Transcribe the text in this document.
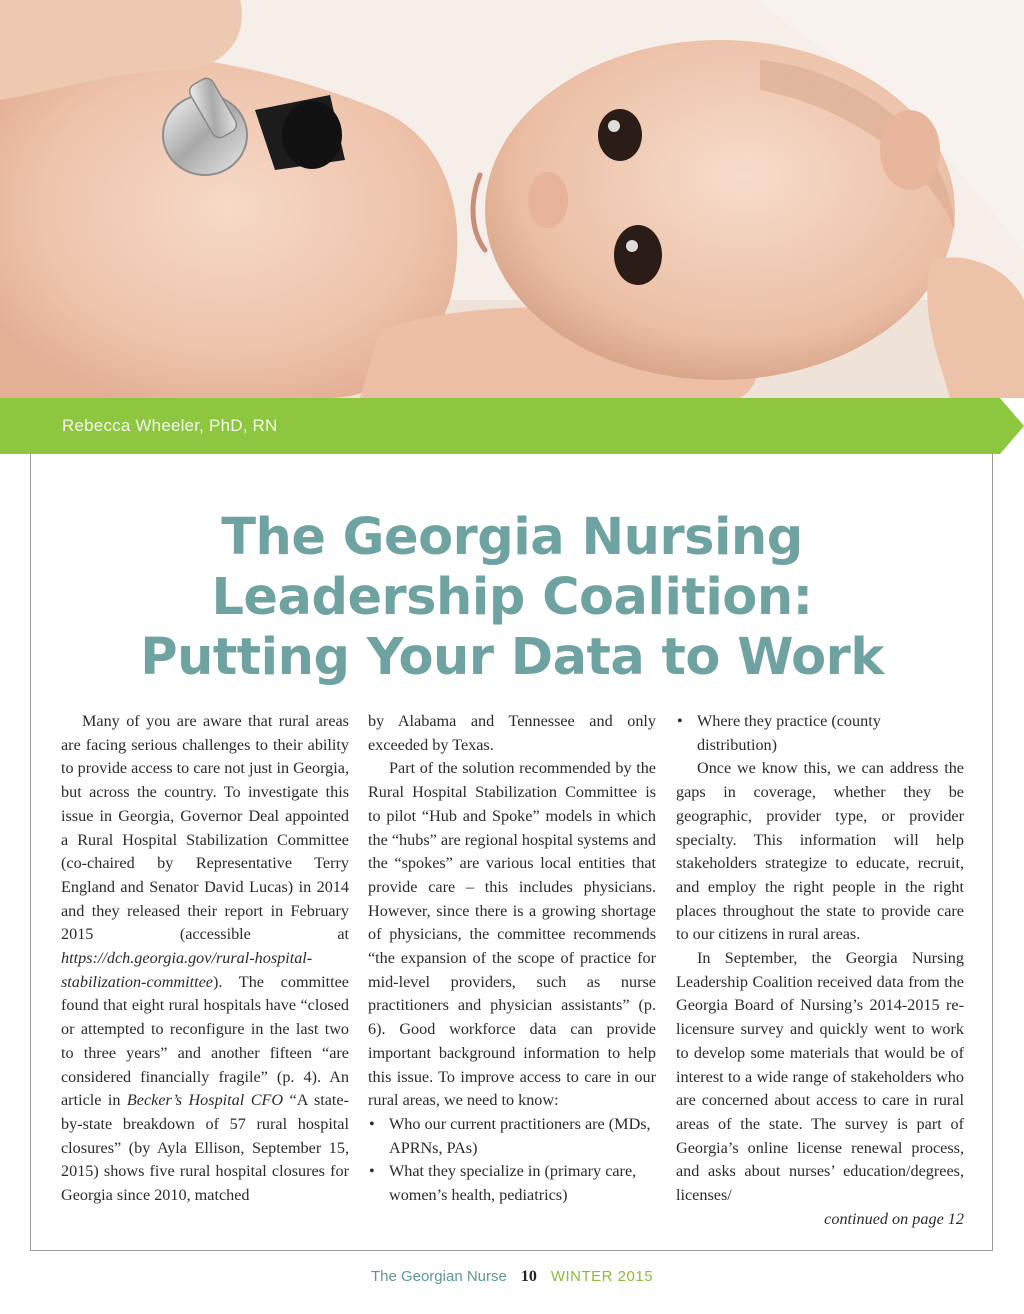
Rebecca Wheeler, PhD, RN
The Georgia Nursing
Leadership Coalition:
Putting Your Data to Work

Many of you are aware that rural areas are facing serious challenges to their ability to provide access to care not just in Georgia, but across the country. To investigate this issue in Georgia, Governor Deal appointed a Rural Hospital Stabilization Committee (co-chaired by Representative Terry England and Senator David Lucas) in 2014 and they released their report in February 2015 (accessible at https://dch.georgia.gov/rural-hospital-stabilization-committee). The committee found that eight rural hospitals have “closed or attempted to reconfigure in the last two to three years” and another fifteen “are considered financially fragile” (p. 4). An article in Becker’s Hospital CFO “A state-by-state breakdown of 57 rural hospital closures” (by Ayla Ellison, September 15, 2015) shows five rural hospital closures for Georgia since 2010, matched

by Alabama and Tennessee and only exceeded by Texas.

Part of the solution recommended by the Rural Hospital Stabilization Committee is to pilot “Hub and Spoke” models in which the “hubs” are regional hospital systems and the “spokes” are various local entities that provide care – this includes physicians. However, since there is a growing shortage of physicians, the committee recommends “the expansion of the scope of practice for mid-level providers, such as nurse practitioners and physician assistants” (p. 6). Good workforce data can provide important background information to help this issue. To improve access to care in our rural areas, we need to know:

• Who our current practitioners are (MDs, APRNs, PAs)
• What they specialize in (primary care, women’s health, pediatrics)
• Where they practice (county distribution)

Once we know this, we can address the gaps in coverage, whether they be geographic, provider type, or provider specialty. This information will help stakeholders strategize to educate, recruit, and employ the right people in the right places throughout the state to provide care to our citizens in rural areas.

In September, the Georgia Nursing Leadership Coalition received data from the Georgia Board of Nursing’s 2014-2015 re-licensure survey and quickly went to work to develop some materials that would be of interest to a wide range of stakeholders who are concerned about access to care in rural areas of the state. The survey is part of Georgia’s online license renewal process, and asks about nurses’ education/degrees, licenses/

continued on page 12

The Georgian Nurse 10 WINTER 2015
